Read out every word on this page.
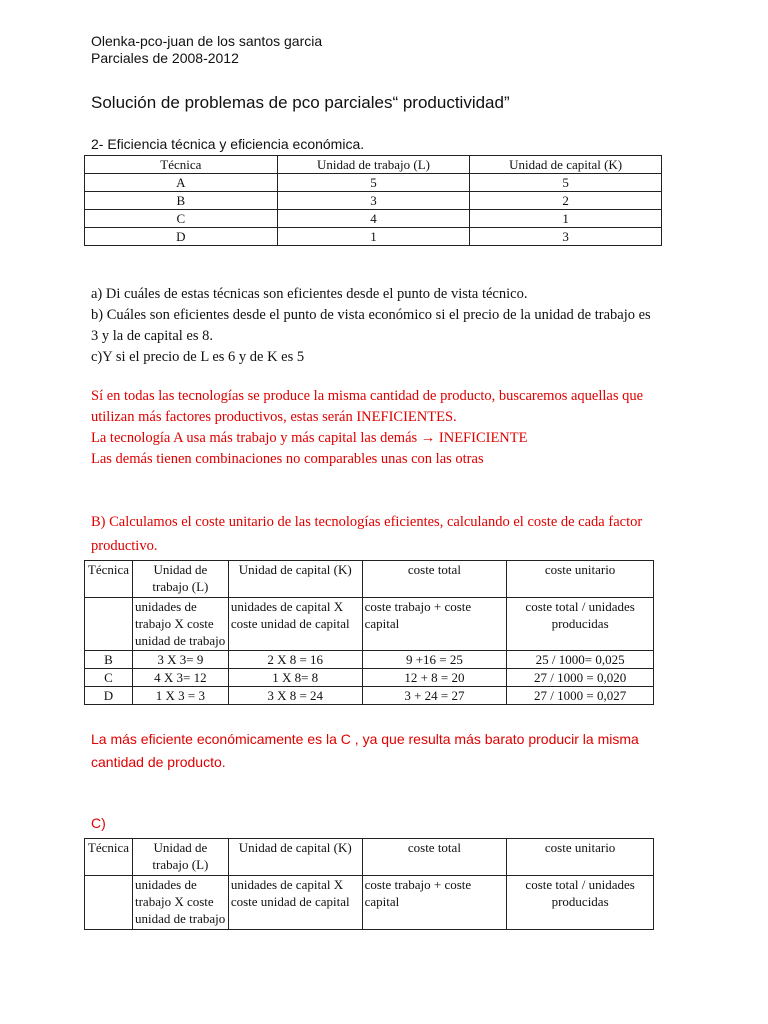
Olenka-pco-juan de los santos garcia
Parciales de 2008-2012
Solución de problemas de pco parciales“ productividad”
2- Eficiencia técnica y eficiencia económica.
Técnica	Unidad de trabajo (L)	Unidad de capital (K)
A	5	5
B	3	2
C	4	1
D	1	3
a) Di cuáles de estas técnicas son eficientes desde el punto de vista técnico.
b) Cuáles son eficientes desde el punto de vista económico si el precio de la unidad de trabajo es
3 y la de capital es 8.
c)Y si el precio de L es 6 y de K es 5
Sí en todas las tecnologías se produce la misma cantidad de producto, buscaremos aquellas que
utilizan más factores productivos, estas serán INEFICIENTES.
La tecnología A usa más trabajo y más capital las demás → INEFICIENTE
Las demás tienen combinaciones no comparables unas con las otras
B) Calculamos el coste unitario de las tecnologías eficientes, calculando el coste de cada factor
productivo.
Técnica	Unidad de trabajo (L)	Unidad de capital (K)	coste total	coste unitario
	unidades de trabajo X coste unidad de trabajo	unidades de capital X coste unidad de capital	coste trabajo + coste capital	coste total / unidades producidas
B	3 X 3= 9	2 X 8 = 16	9 +16 = 25	25 / 1000= 0,025
C	4 X 3= 12	1 X 8= 8	12 + 8 = 20	27 / 1000 = 0,020
D	1 X 3 = 3	3 X 8 = 24	3 + 24 = 27	27 / 1000 = 0,027
La más eficiente económicamente es la C , ya que resulta más barato producir la misma
cantidad de producto.
C)
Técnica	Unidad de trabajo (L)	Unidad de capital (K)	coste total	coste unitario
	unidades de trabajo X coste unidad de trabajo	unidades de capital X coste unidad de capital	coste trabajo + coste capital	coste total / unidades producidas
